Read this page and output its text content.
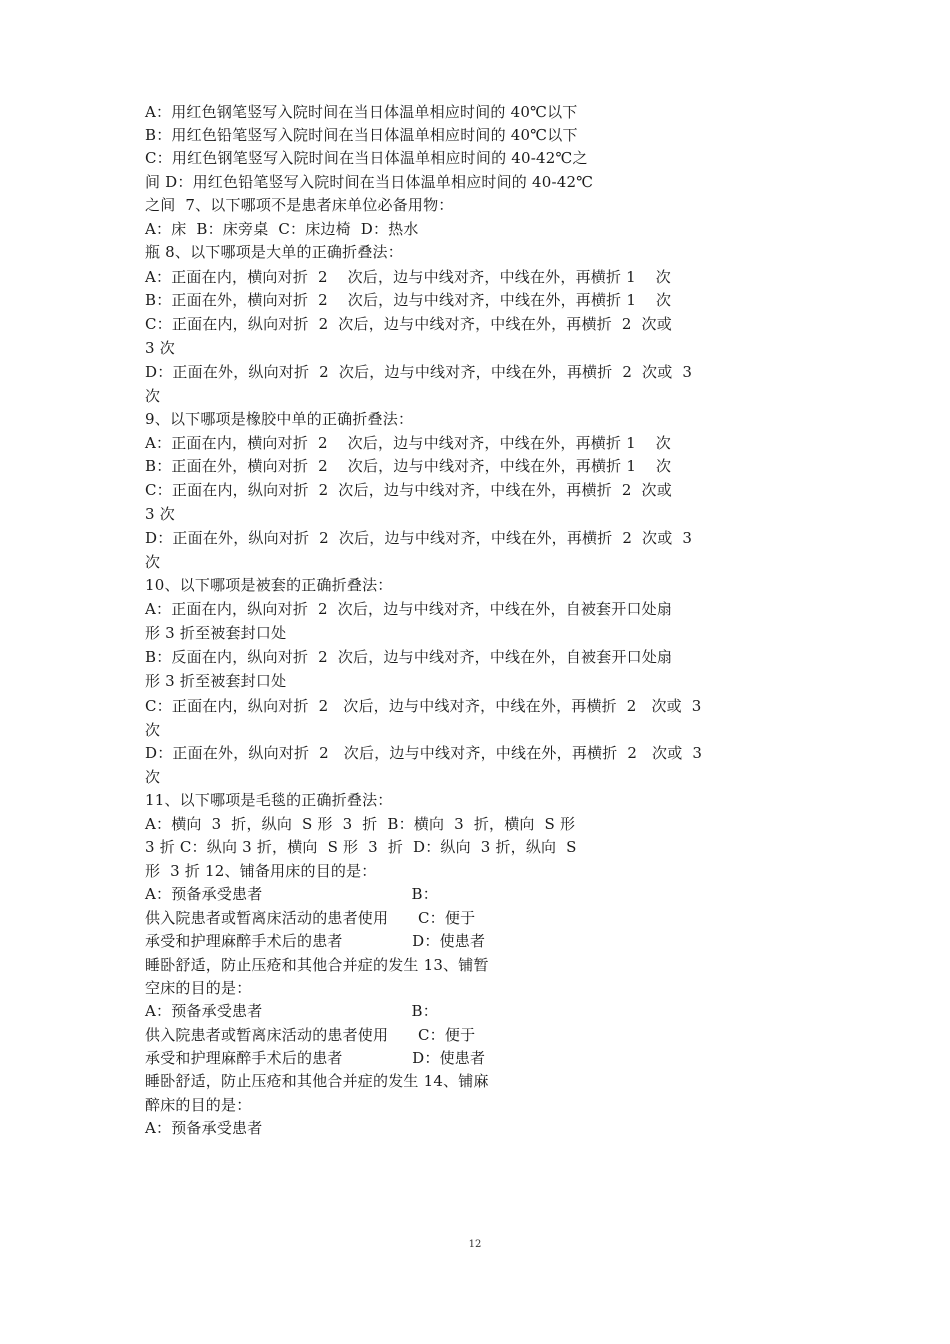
A：用红色钢笔竖写入院时间在当日体温单相应时间的 40℃以下
B：用红色铅笔竖写入院时间在当日体温单相应时间的 40℃以下
C：用红色钢笔竖写入院时间在当日体温单相应时间的 40-42℃之
间 D：用红色铅笔竖写入院时间在当日体温单相应时间的 40-42℃
之间  7、以下哪项不是患者床单位必备用物：
A：床  B：床旁桌  C：床边椅  D：热水
瓶 8、以下哪项是大单的正确折叠法：
A：正面在内，横向对折  2    次后，边与中线对齐，中线在外，再横折 1    次
B：正面在外，横向对折  2    次后，边与中线对齐，中线在外，再横折 1    次
C：正面在内，纵向对折  2  次后，边与中线对齐，中线在外，再横折  2  次或
3 次
D：正面在外，纵向对折  2  次后，边与中线对齐，中线在外，再横折  2  次或  3
次
9、以下哪项是橡胶中单的正确折叠法：
A：正面在内，横向对折  2    次后，边与中线对齐，中线在外，再横折 1    次
B：正面在外，横向对折  2    次后，边与中线对齐，中线在外，再横折 1    次
C：正面在内，纵向对折  2  次后，边与中线对齐，中线在外，再横折  2  次或
3 次
D：正面在外，纵向对折  2  次后，边与中线对齐，中线在外，再横折  2  次或  3
次
10、以下哪项是被套的正确折叠法：
A：正面在内，纵向对折  2  次后，边与中线对齐，中线在外，自被套开口处扇
形 3 折至被套封口处
B：反面在内，纵向对折  2  次后，边与中线对齐，中线在外，自被套开口处扇
形 3 折至被套封口处
C：正面在内，纵向对折  2   次后，边与中线对齐，中线在外，再横折  2   次或  3
次
D：正面在外，纵向对折  2   次后，边与中线对齐，中线在外，再横折  2   次或  3
次
11、以下哪项是毛毯的正确折叠法：
A：横向  3  折，纵向  S 形  3  折  B：横向  3  折，横向  S 形
3 折 C：纵向 3 折，横向  S 形  3  折  D：纵向  3 折，纵向  S
形  3 折 12、铺备用床的目的是：
A：预备承受患者                              B：
供入院患者或暂离床活动的患者使用      C：便于
承受和护理麻醉手术后的患者              D：使患者
睡卧舒适，防止压疮和其他合并症的发生 13、铺暂
空床的目的是：
A：预备承受患者                              B：
供入院患者或暂离床活动的患者使用      C：便于
承受和护理麻醉手术后的患者              D：使患者
睡卧舒适，防止压疮和其他合并症的发生 14、铺麻
醉床的目的是：
A：预备承受患者
12
